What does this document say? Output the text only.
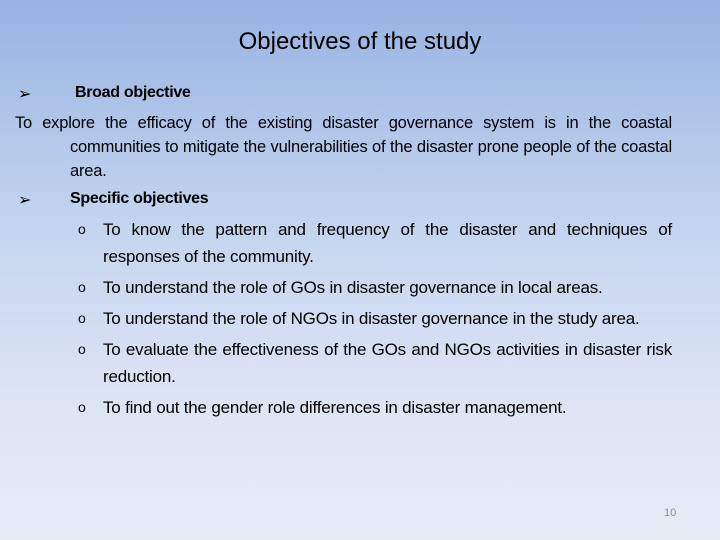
Objectives of the study
➢	Broad objective
To explore the efficacy of the existing disaster governance system is in the coastal communities to mitigate the vulnerabilities of the disaster prone people of the coastal area.
➢ Specific objectives
o To know the pattern and frequency of the disaster and techniques of responses of the community.
o To understand the role of GOs in disaster governance in local areas.
o To understand the role of NGOs in disaster governance in the study area.
o To evaluate the effectiveness of the GOs and NGOs activities in disaster risk reduction.
o To find out the gender role differences in disaster management.
10
